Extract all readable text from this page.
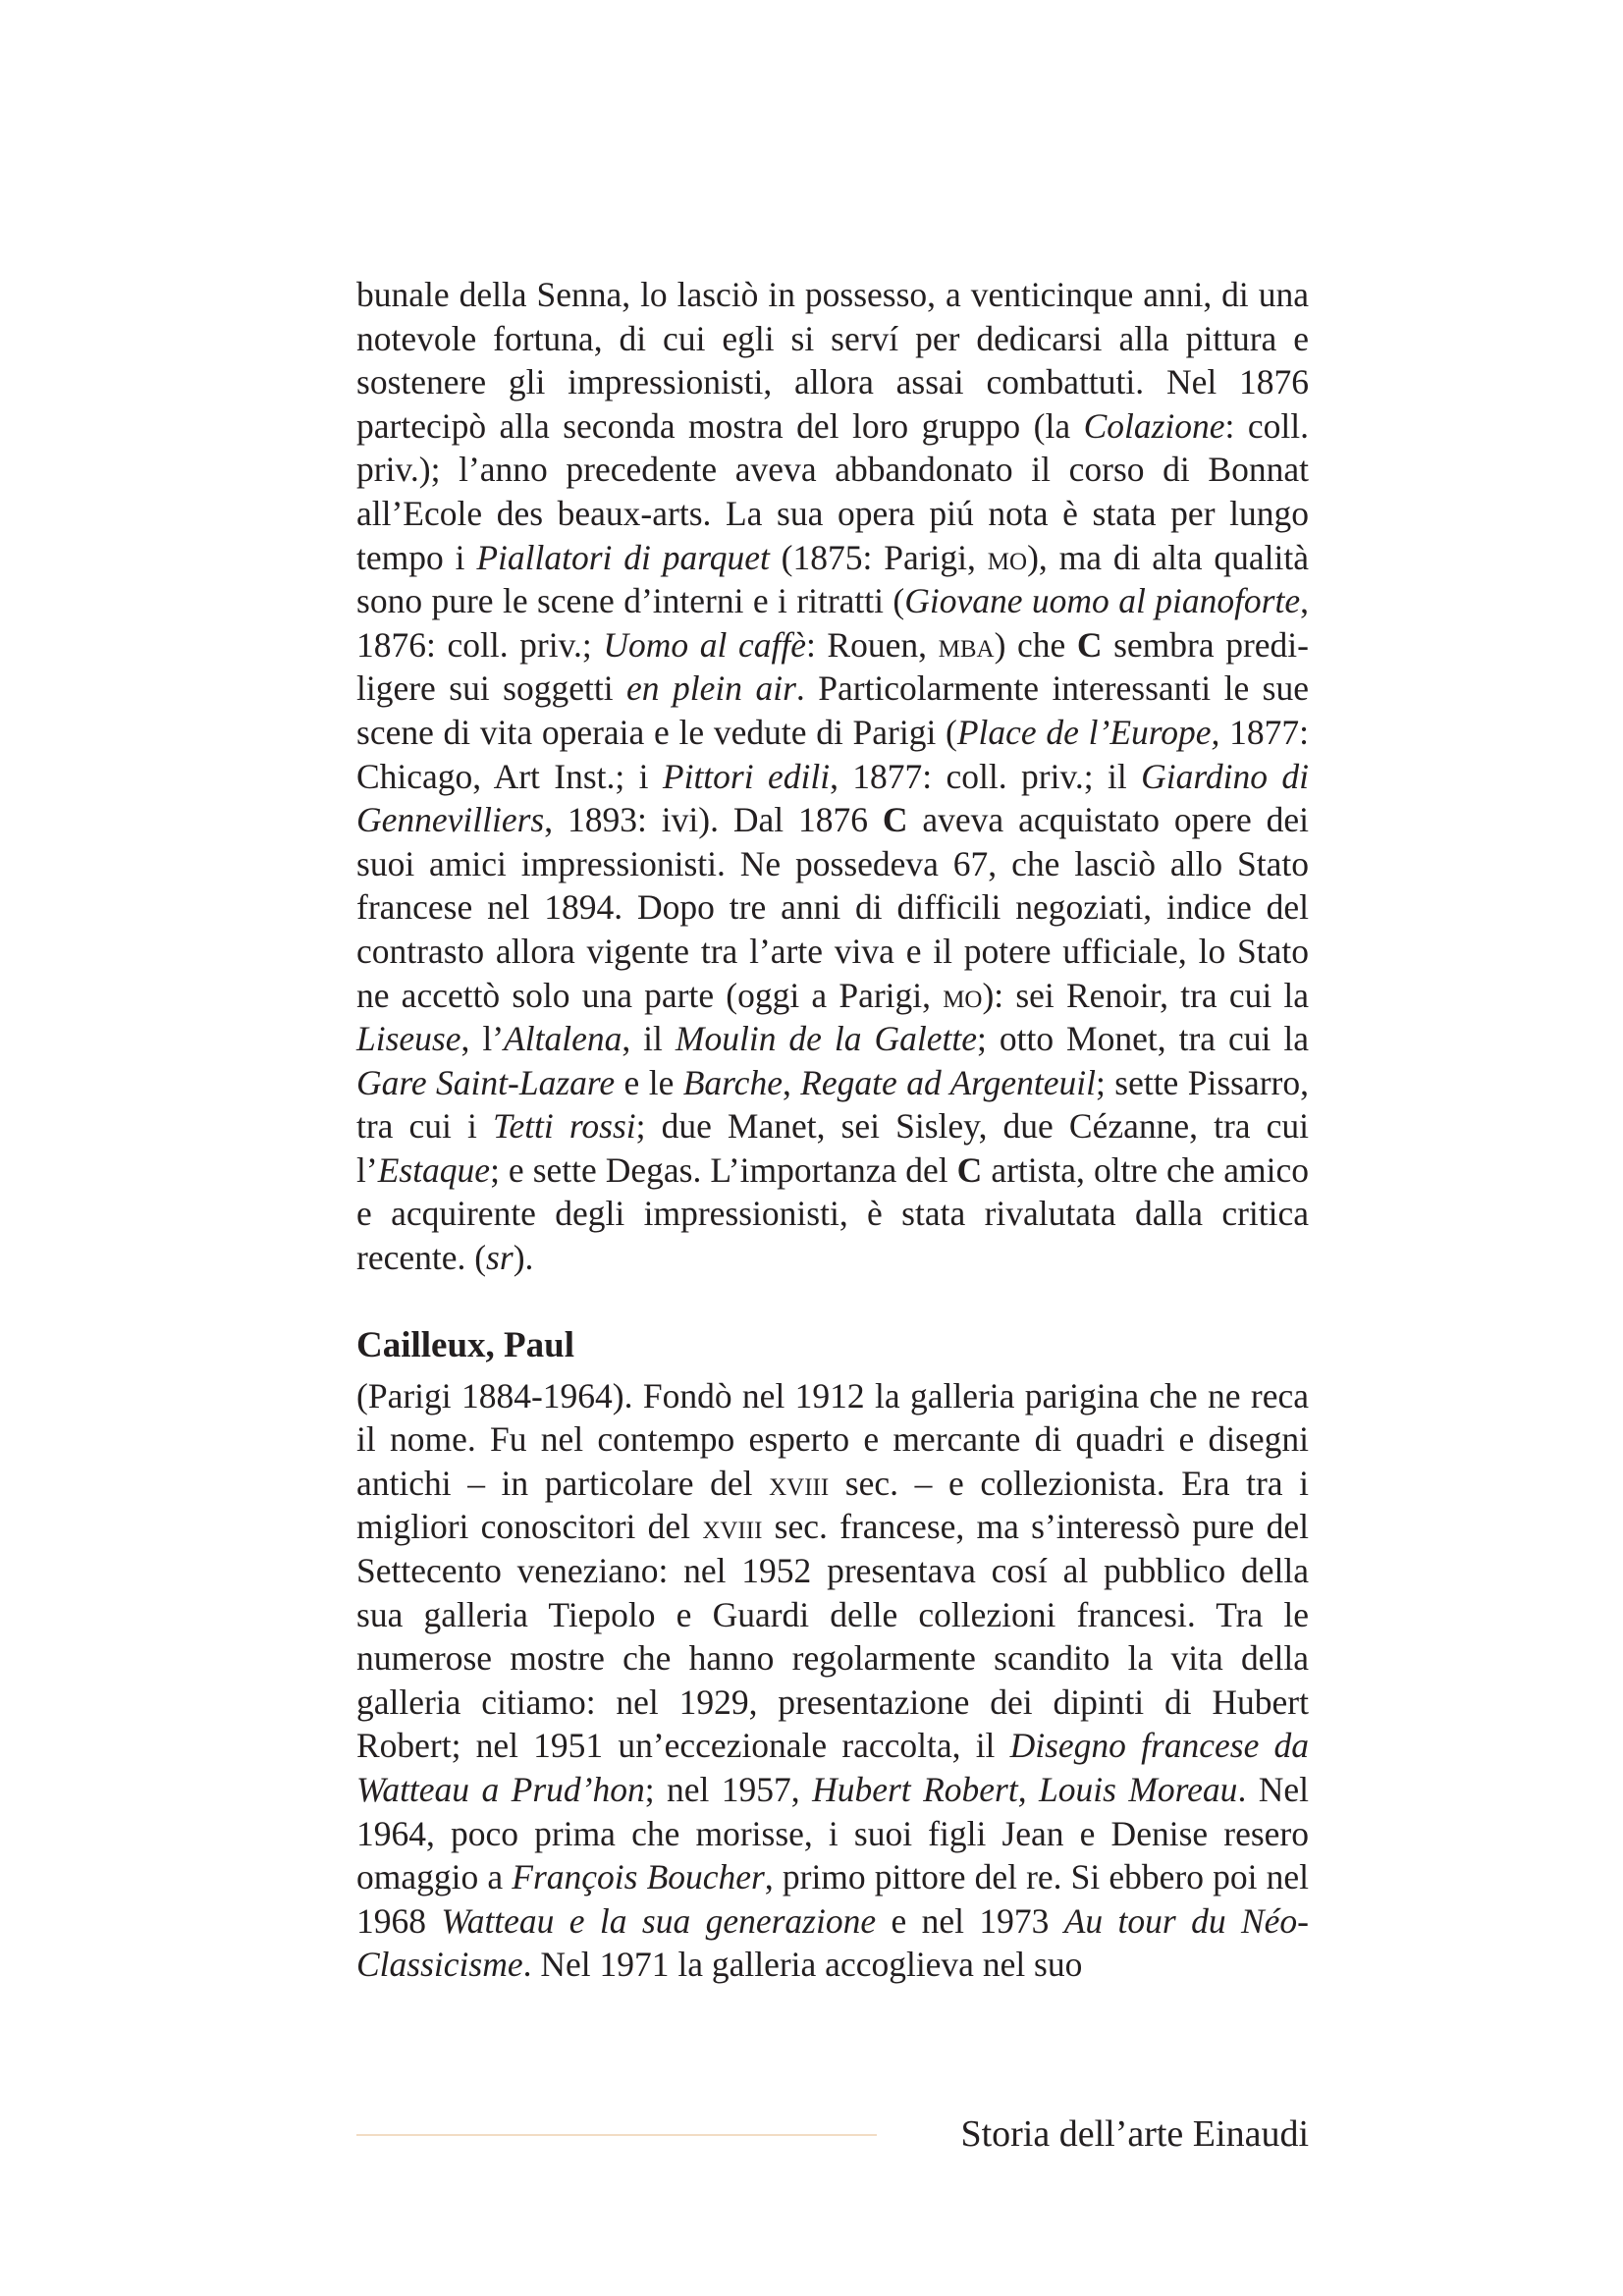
bunale della Senna, lo lasciò in possesso, a venticinque anni, di una notevole fortuna, di cui egli si serví per dedicarsi alla pittura e sostenere gli impressionisti, allora assai combattuti. Nel 1876 partecipò alla seconda mostra del loro gruppo (la Colazione: coll. priv.); l’anno precedente aveva abbandonato il corso di Bonnat all’Ecole des beaux-arts. La sua opera piú nota è stata per lungo tempo i Piallatori di parquet (1875: Parigi, mo), ma di alta qualità sono pure le scene d’interni e i ritratti (Giovane uomo al pianoforte, 1876: coll. priv.; Uomo al caffè: Rouen, mba) che C sembra prediligere sui soggetti en plein air. Particolarmente interessanti le sue scene di vita operaia e le vedute di Parigi (Place de l’Europe, 1877: Chicago, Art Inst.; i Pittori edili, 1877: coll. priv.; il Giardino di Gennevilliers, 1893: ivi). Dal 1876 C aveva acquistato opere dei suoi amici impressionisti. Ne possedeva 67, che lasciò allo Stato francese nel 1894. Dopo tre anni di difficili negoziati, indice del contrasto allora vigente tra l’arte viva e il potere ufficiale, lo Stato ne accettò solo una parte (oggi a Parigi, mo): sei Renoir, tra cui la Liseuse, l’Altalena, il Moulin de la Galette; otto Monet, tra cui la Gare Saint-Lazare e le Barche, Regate ad Argenteuil; sette Pissarro, tra cui i Tetti rossi; due Manet, sei Sisley, due Cézanne, tra cui l’Estaque; e sette Degas. L’importanza del C artista, oltre che amico e acquirente degli impressionisti, è stata rivalutata dalla critica recente. (sr).

Cailleux, Paul

(Parigi 1884-1964). Fondò nel 1912 la galleria parigina che ne reca il nome. Fu nel contempo esperto e mercante di quadri e disegni antichi – in particolare del xviii sec. – e collezionista. Era tra i migliori conoscitori del xviii sec. francese, ma s’interessò pure del Settecento veneziano: nel 1952 presentava cosí al pubblico della sua galleria Tiepolo e Guardi delle collezioni francesi. Tra le numerose mostre che hanno regolarmente scandito la vita della galleria citiamo: nel 1929, presentazione dei dipinti di Hubert Robert; nel 1951 un’eccezionale raccolta, il Disegno francese da Watteau a Prud’hon; nel 1957, Hubert Robert, Louis Moreau. Nel 1964, poco prima che morisse, i suoi figli Jean e Denise resero omaggio a François Boucher, primo pittore del re. Si ebbero poi nel 1968 Watteau e la sua generazione e nel 1973 Au tour du Néo-Classicisme. Nel 1971 la galleria accoglieva nel suo

Storia dell’arte Einaudi
